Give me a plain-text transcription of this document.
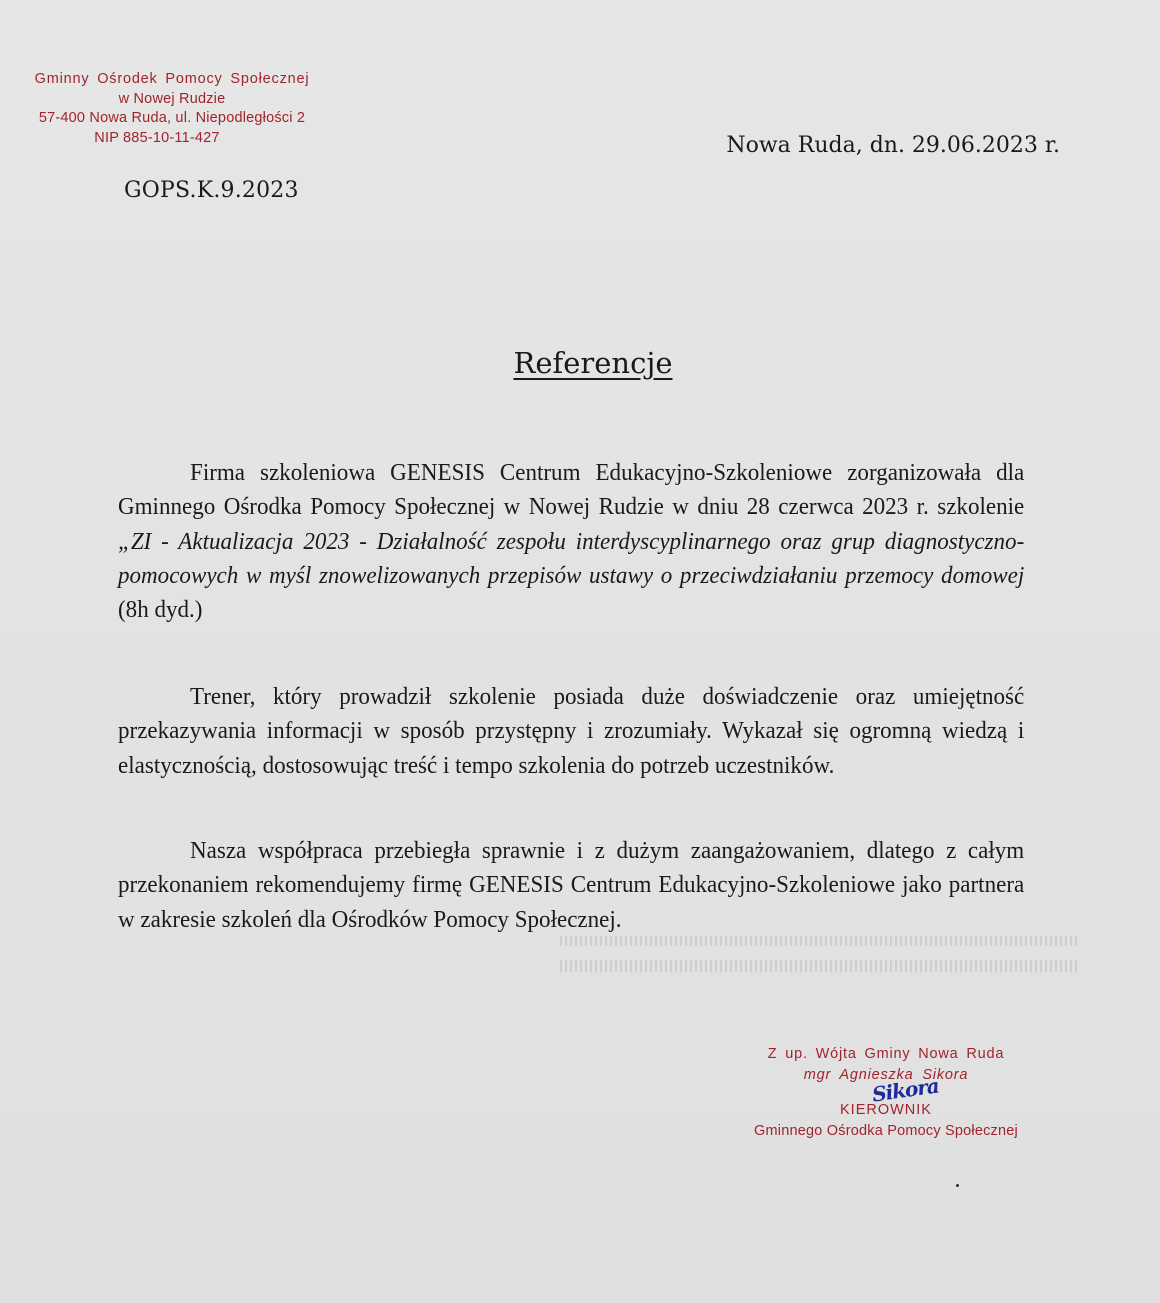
Gminny Ośrodek Pomocy Społecznej
w Nowej Rudzie
57-400 Nowa Ruda, ul. Niepodległości 2
NIP 885-10-11-427	Nowa Ruda, dn. 29.06.2023 r.
GOPS.K.9.2023
Referencje
Firma szkoleniowa GENESIS Centrum Edukacyjno-Szkoleniowe zorganizowała dla Gminnego Ośrodka Pomocy Społecznej w Nowej Rudzie w dniu 28 czerwca 2023 r. szkolenie „ZI - Aktualizacja 2023 - Działalność zespołu interdyscyplinarnego oraz grup diagnostyczno-pomocowych w myśl znowelizowanych przepisów ustawy o przeciwdziałaniu przemocy domowej (8h dyd.)
Trener, który prowadził szkolenie posiada duże doświadczenie oraz umiejętność przekazywania informacji w sposób przystępny i zrozumiały. Wykazał się ogromną wiedzą i elastycznością, dostosowując treść i tempo szkolenia do potrzeb uczestników.
Nasza współpraca przebiegła sprawnie i z dużym zaangażowaniem, dlatego z całym przekonaniem rekomendujemy firmę GENESIS Centrum Edukacyjno-Szkoleniowe jako partnera w zakresie szkoleń dla Ośrodków Pomocy Społecznej.
Z up. Wójta Gminy Nowa Ruda
mgr Agnieszka Sikora
KIEROWNIK
Gminnego Ośrodka Pomocy Społecznej
Sikora
